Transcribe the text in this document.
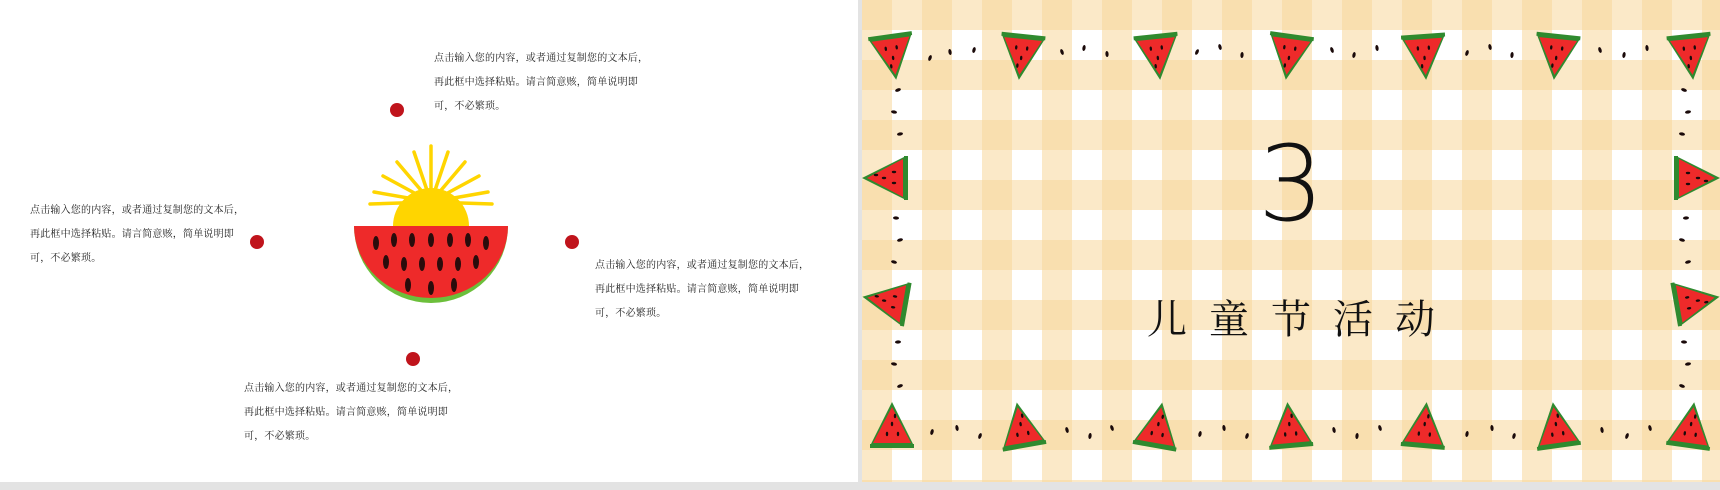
点击输入您的内容，或者通过复制您的文本后，
再此框中选择粘贴。请言简意赅，简单说明即
可，不必繁琐。
点击输入您的内容，或者通过复制您的文本后，
再此框中选择粘贴。请言简意赅，简单说明即
可，不必繁琐。
点击输入您的内容，或者通过复制您的文本后，
再此框中选择粘贴。请言简意赅，简单说明即
可，不必繁琐。
点击输入您的内容，或者通过复制您的文本后，
再此框中选择粘贴。请言简意赅，简单说明即
可，不必繁琐。
3
儿童节活动
